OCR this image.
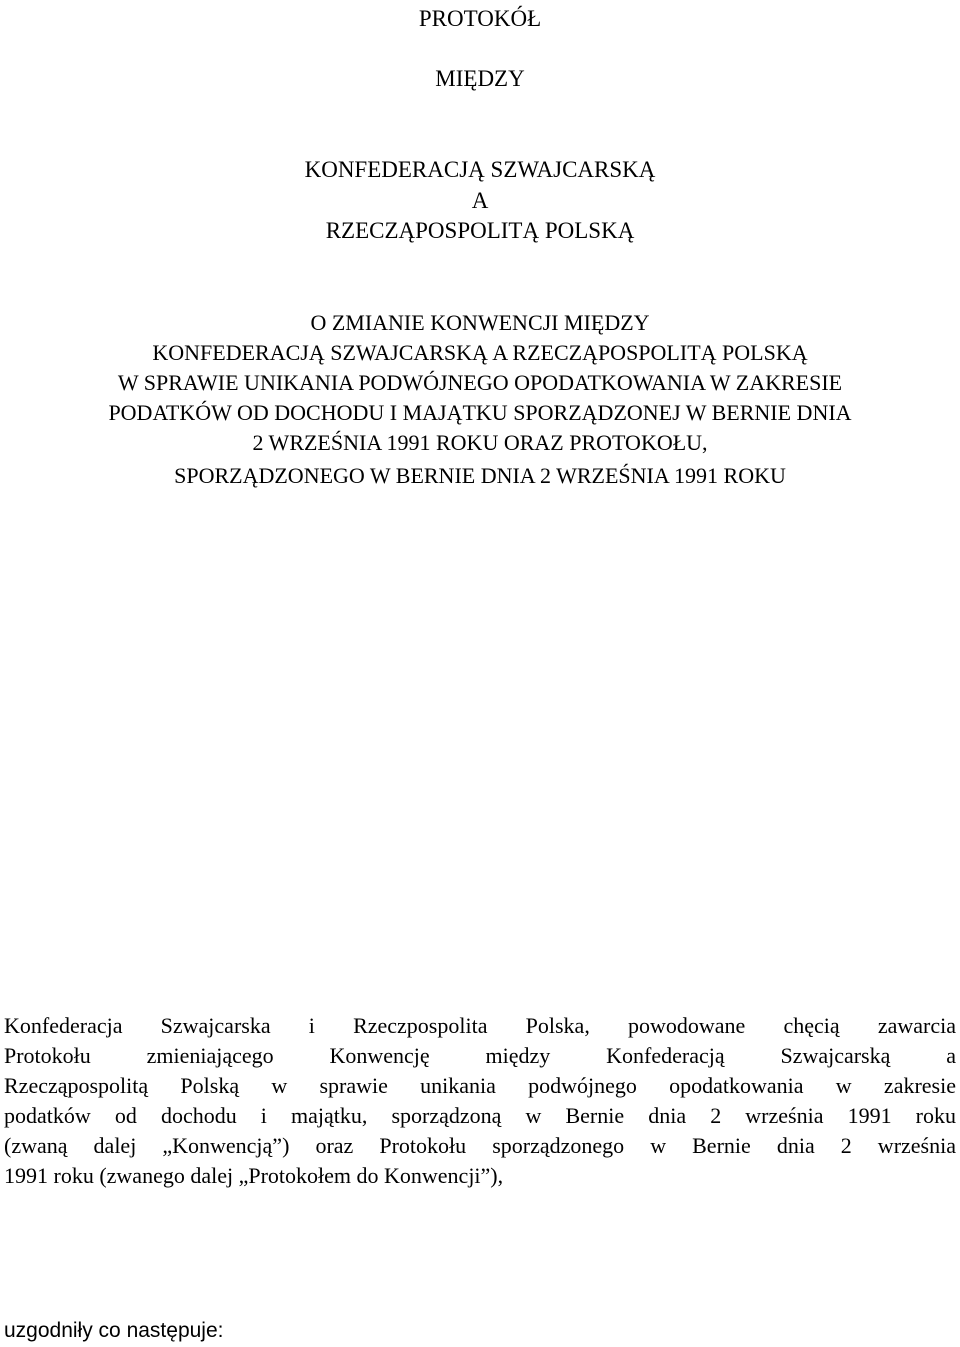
PROTOKÓŁ
MIĘDZY
KONFEDERACJĄ SZWAJCARSKĄ
A
RZECZĄPOSPOLITĄ POLSKĄ
O ZMIANIE KONWENCJI MIĘDZY
KONFEDERACJĄ SZWAJCARSKĄ A RZECZĄPOSPOLITĄ POLSKĄ
W SPRAWIE UNIKANIA PODWÓJNEGO OPODATKOWANIA W ZAKRESIE
PODATKÓW OD DOCHODU I MAJĄTKU SPORZĄDZONEJ W BERNIE DNIA
2 WRZEŚNIA 1991 ROKU ORAZ PROTOKOŁU,
SPORZĄDZONEGO W BERNIE DNIA 2 WRZEŚNIA 1991 ROKU
Konfederacja Szwajcarska i Rzeczpospolita Polska, powodowane chęcią zawarcia
Protokołu zmieniającego Konwencję między Konfederacją Szwajcarską a
Rzecząpospolitą Polską w sprawie unikania podwójnego opodatkowania w zakresie
podatków od dochodu i majątku, sporządzoną w Bernie dnia 2 września 1991 roku
(zwaną dalej „Konwencją”) oraz Protokołu sporządzonego w Bernie dnia 2 września
1991 roku (zwanego dalej „Protokołem do Konwencji”),
uzgodniły co następuje:
